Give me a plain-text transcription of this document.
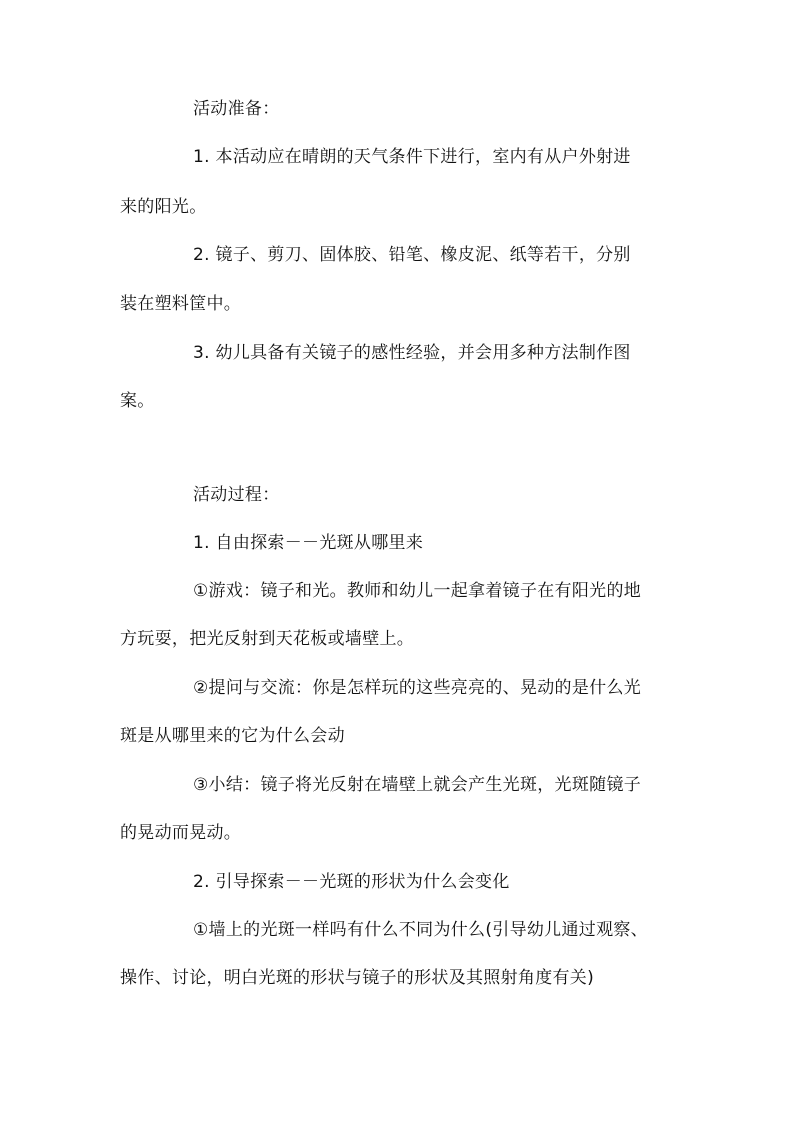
活动准备：
1. 本活动应在晴朗的天气条件下进行，室内有从户外射进
来的阳光。
2. 镜子、剪刀、固体胶、铅笔、橡皮泥、纸等若干，分别
装在塑料筐中。
3. 幼儿具备有关镜子的感性经验，并会用多种方法制作图
案。
活动过程：
1. 自由探索－－光斑从哪里来
①游戏：镜子和光。教师和幼儿一起拿着镜子在有阳光的地
方玩耍，把光反射到天花板或墙壁上。
②提问与交流：你是怎样玩的这些亮亮的、晃动的是什么光
斑是从哪里来的它为什么会动
③小结：镜子将光反射在墙壁上就会产生光斑，光斑随镜子
的晃动而晃动。
2. 引导探索－－光斑的形状为什么会变化
①墙上的光斑一样吗有什么不同为什么(引导幼儿通过观察、
操作、讨论，明白光斑的形状与镜子的形状及其照射角度有关)
